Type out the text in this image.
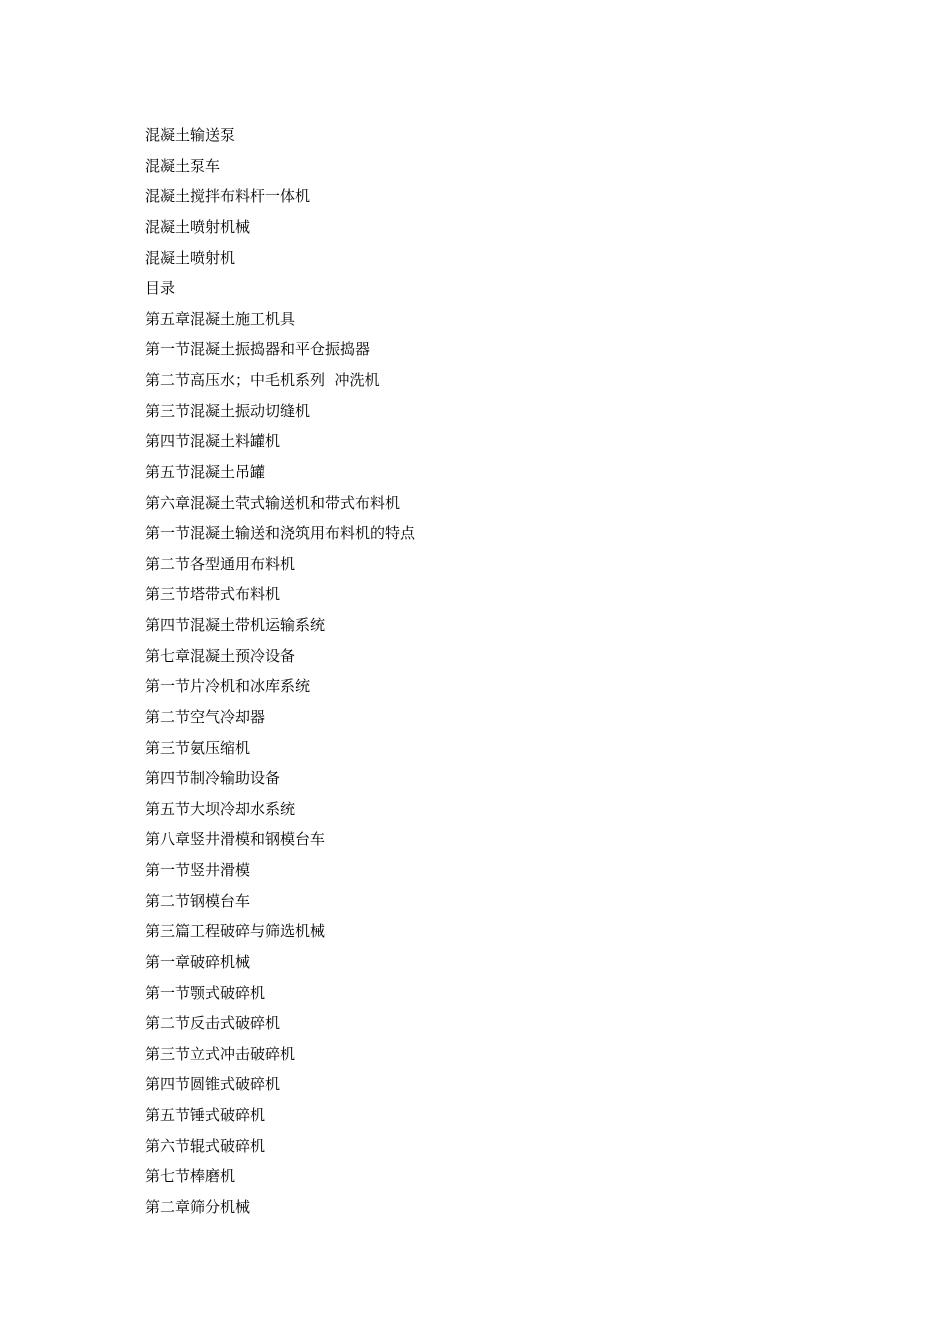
混凝土输送泵
混凝土泵车
混凝土搅拌布料杆一体机
混凝土喷射机械
混凝土喷射机
目录
第五章混凝土施工机具
第一节混凝土振捣器和平仓振捣器
第二节高压水；中毛机系列  冲洗机
第三节混凝土振动切缝机
第四节混凝土料罐机
第五节混凝土吊罐
第六章混凝土茕式输送机和带式布料机
第一节混凝土输送和浇筑用布料机的特点
第二节各型通用布料机
第三节塔带式布料机
第四节混凝土带机运输系统
第七章混凝土预冷设备
第一节片冷机和冰库系统
第二节空气冷却器
第三节氨压缩机
第四节制冷输助设备
第五节大坝冷却水系统
第八章竖井滑模和钢模台车
第一节竖井滑模
第二节钢模台车
第三篇工程破碎与筛选机械
第一章破碎机械
第一节颚式破碎机
第二节反击式破碎机
第三节立式冲击破碎机
第四节圆锥式破碎机
第五节锤式破碎机
第六节辊式破碎机
第七节棒磨机
第二章筛分机械
